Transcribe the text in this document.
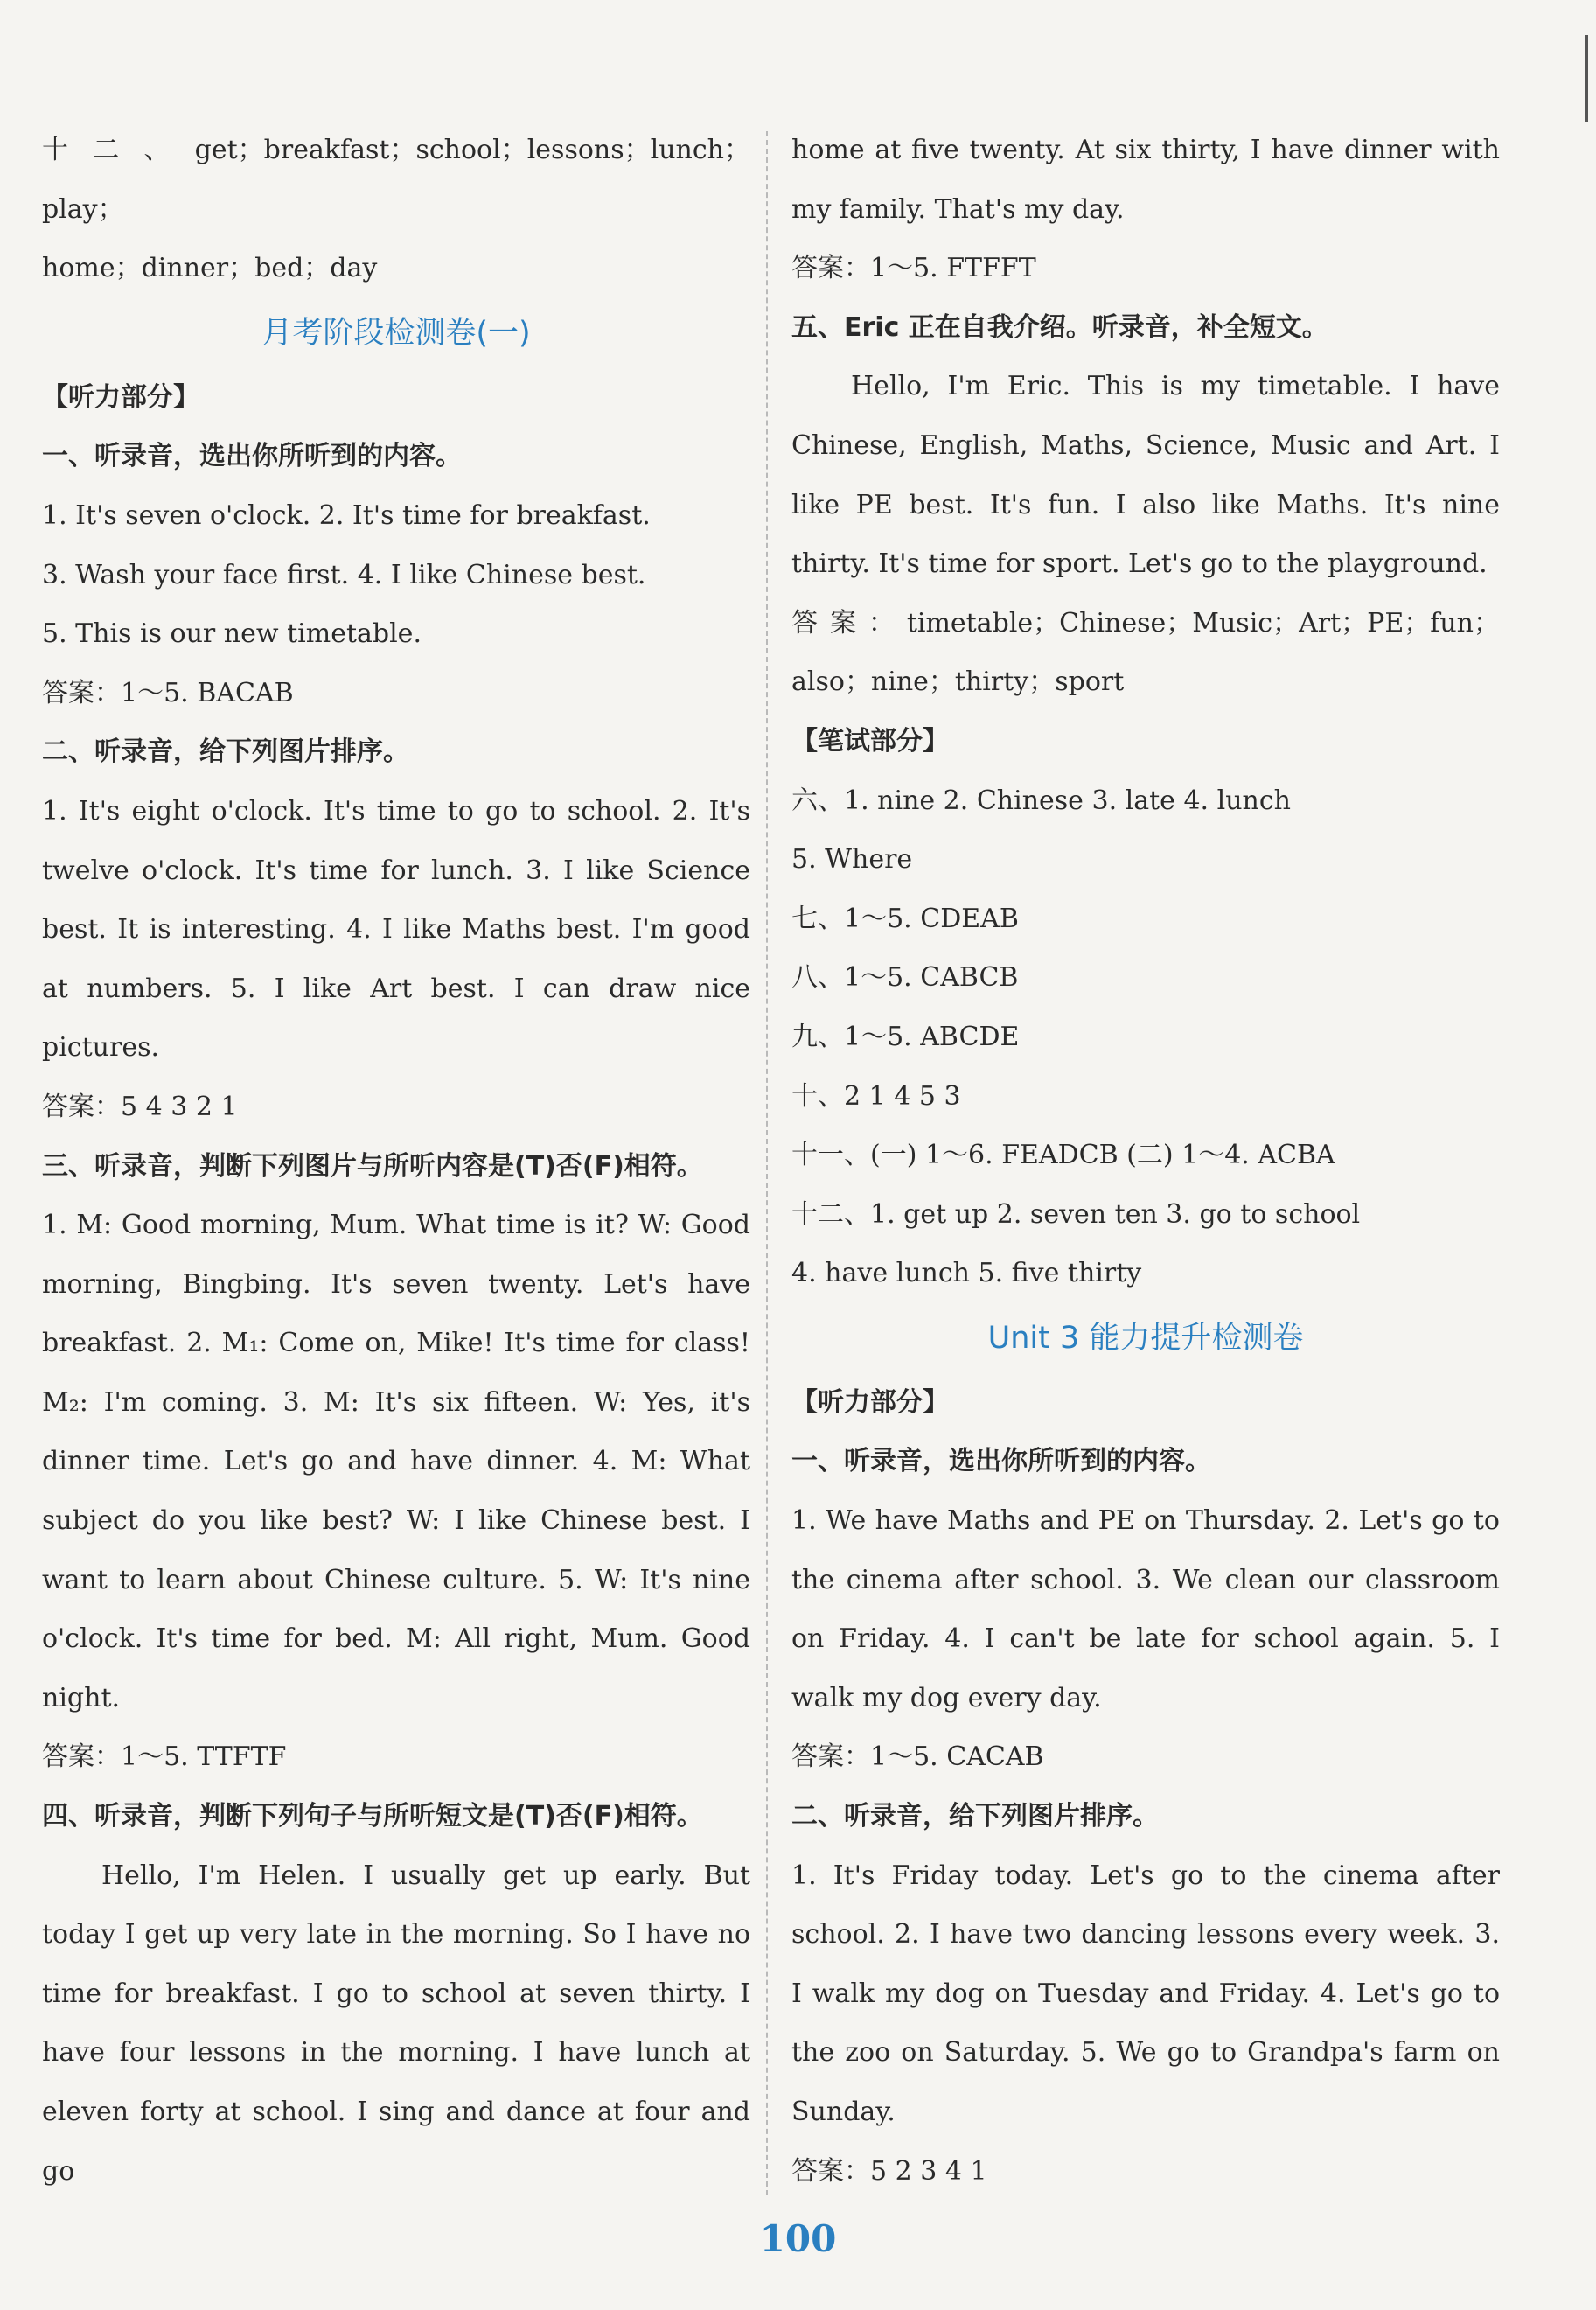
十二、get；breakfast；school；lessons；lunch；play；

home；dinner；bed；day

月考阶段检测卷(一)

【听力部分】

一、听录音，选出你所听到的内容。

1. It's seven o'clock. 2. It's time for breakfast.

3. Wash your face first. 4. I like Chinese best.

5. This is our new timetable.

答案：1～5. BACAB

二、听录音，给下列图片排序。

1. It's eight o'clock. It's time to go to school. 2. It's twelve o'clock. It's time for lunch. 3. I like Science best. It is interesting. 4. I like Maths best. I'm good at numbers. 5. I like Art best. I can draw nice pictures.

答案：5 4 3 2 1

三、听录音，判断下列图片与所听内容是(T)否(F)相符。

1. M: Good morning, Mum. What time is it? W: Good morning, Bingbing. It's seven twenty. Let's have breakfast. 2. M₁: Come on, Mike! It's time for class! M₂: I'm coming. 3. M: It's six fifteen. W: Yes, it's dinner time. Let's go and have dinner. 4. M: What subject do you like best? W: I like Chinese best. I want to learn about Chinese culture. 5. W: It's nine o'clock. It's time for bed. M: All right, Mum. Good night.

答案：1～5. TTFTF

四、听录音，判断下列句子与所听短文是(T)否(F)相符。

Hello, I'm Helen. I usually get up early. But today I get up very late in the morning. So I have no time for breakfast. I go to school at seven thirty. I have four lessons in the morning. I have lunch at eleven forty at school. I sing and dance at four and go

home at five twenty. At six thirty, I have dinner with my family. That's my day.

答案：1～5. FTFFT

五、Eric 正在自我介绍。听录音，补全短文。

Hello, I'm Eric. This is my timetable. I have Chinese, English, Maths, Science, Music and Art. I like PE best. It's fun. I also like Maths. It's nine thirty. It's time for sport. Let's go to the playground.

答案：timetable；Chinese；Music；Art；PE；fun；also；nine；thirty；sport

【笔试部分】

六、1. nine 2. Chinese 3. late 4. lunch

5. Where

七、1～5. CDEAB

八、1～5. CABCB

九、1～5. ABCDE

十、2 1 4 5 3

十一、(一) 1～6. FEADCB (二) 1～4. ACBA

十二、1. get up 2. seven ten 3. go to school

4. have lunch 5. five thirty

Unit 3 能力提升检测卷

【听力部分】

一、听录音，选出你所听到的内容。

1. We have Maths and PE on Thursday. 2. Let's go to the cinema after school. 3. We clean our classroom on Friday. 4. I can't be late for school again. 5. I walk my dog every day.

答案：1～5. CACAB

二、听录音，给下列图片排序。

1. It's Friday today. Let's go to the cinema after school. 2. I have two dancing lessons every week. 3. I walk my dog on Tuesday and Friday. 4. Let's go to the zoo on Saturday. 5. We go to Grandpa's farm on Sunday.

答案：5 2 3 4 1

100
